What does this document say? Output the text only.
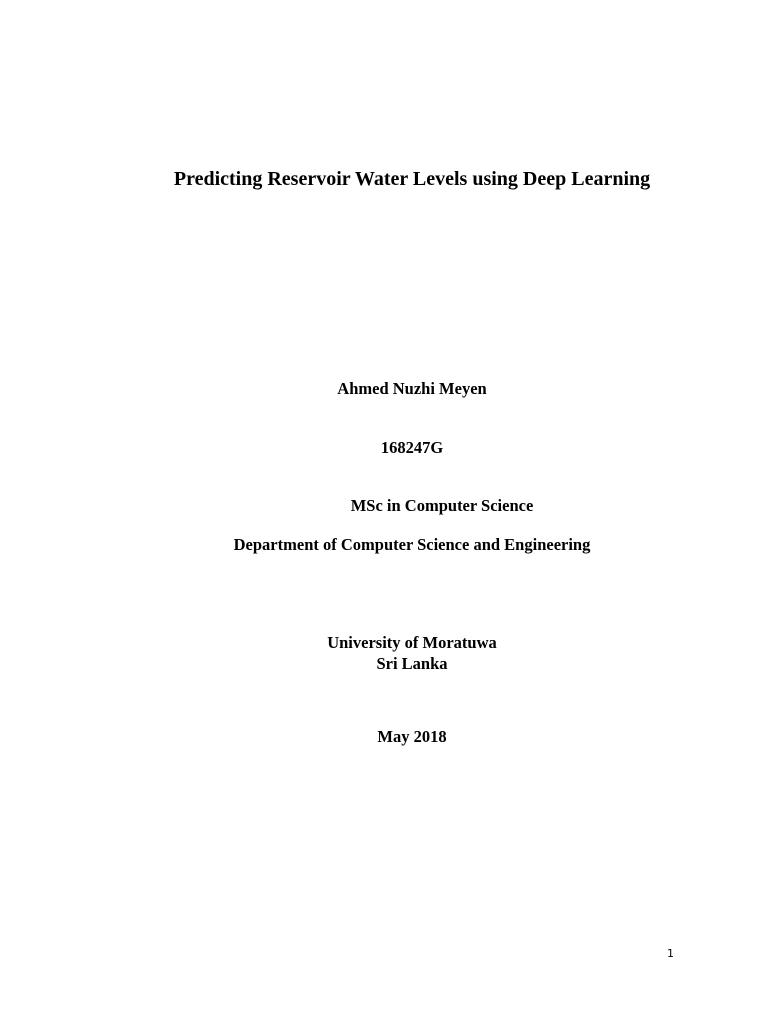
Predicting Reservoir Water Levels using Deep Learning
Ahmed Nuzhi Meyen
168247G
MSc in Computer Science
Department of Computer Science and Engineering
University of Moratuwa
Sri Lanka
May 2018
1
